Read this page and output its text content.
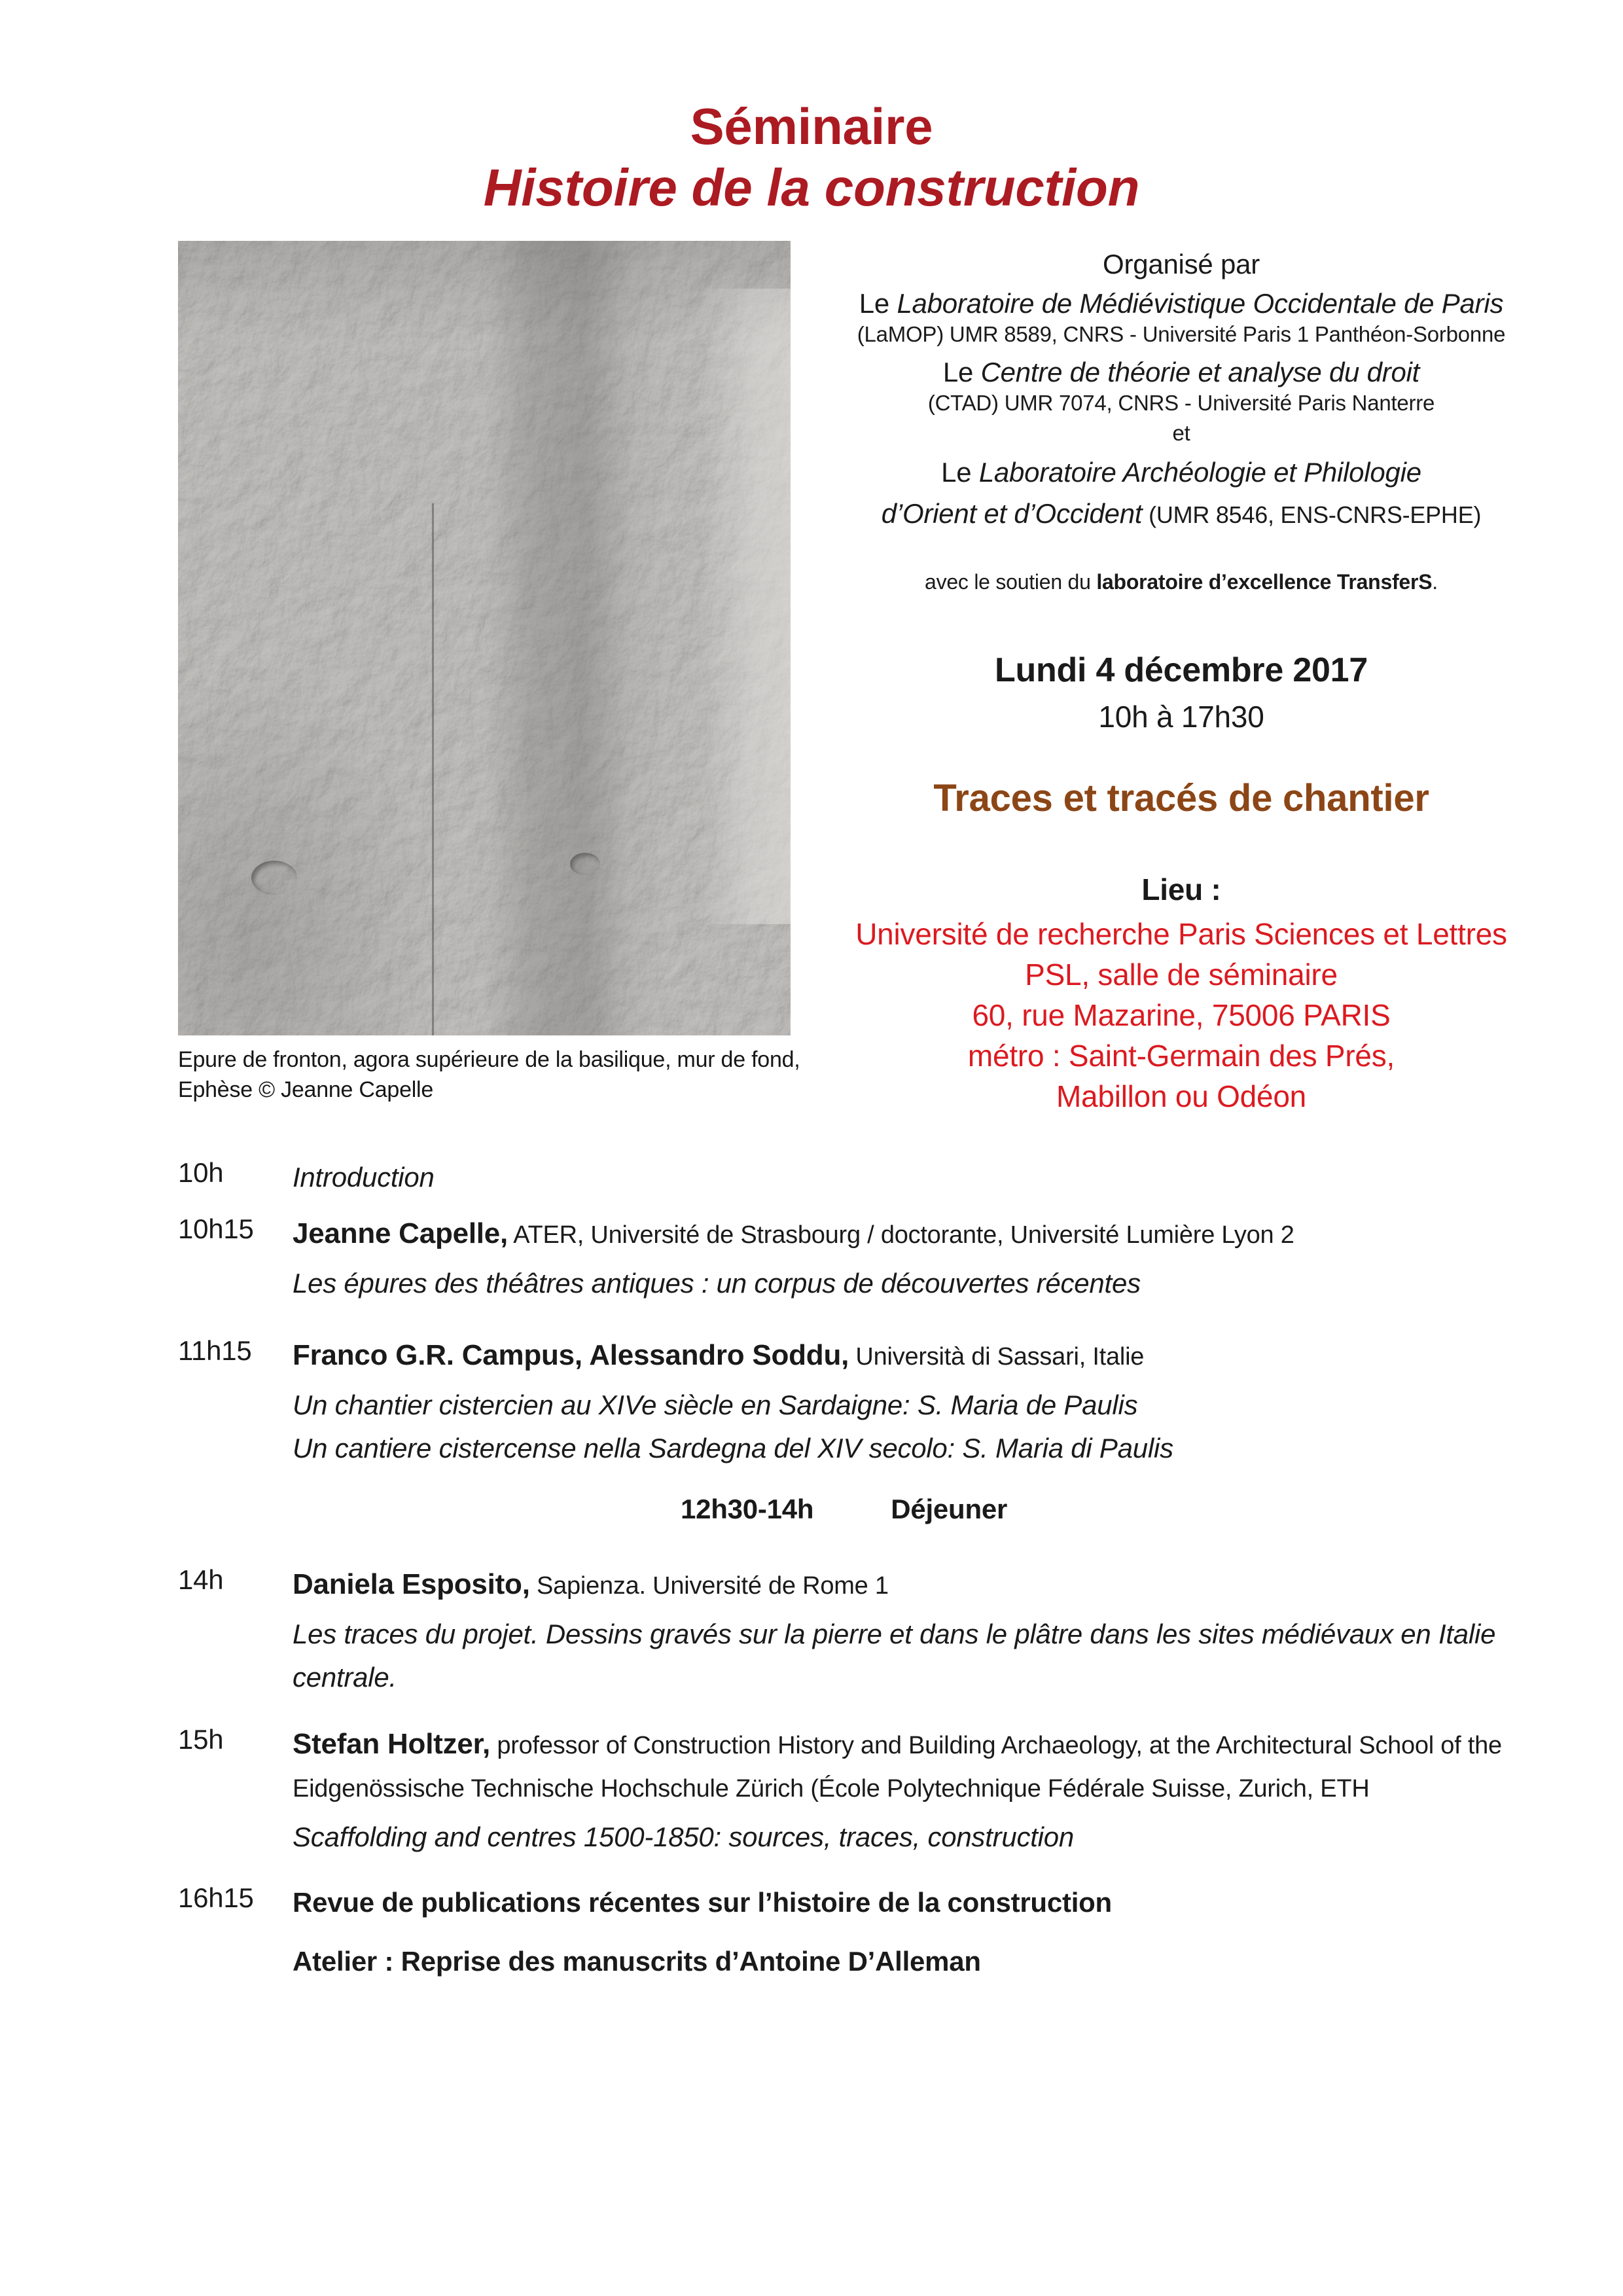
Séminaire
Histoire de la construction
Epure de fronton, agora supérieure de la basilique, mur de fond,
Ephèse © Jeanne Capelle
Organisé par
Le Laboratoire de Médiévistique Occidentale de Paris
(LaMOP) UMR 8589, CNRS - Université Paris 1 Panthéon-Sorbonne
Le Centre de théorie et analyse du droit
(CTAD) UMR 7074, CNRS - Université Paris Nanterre
et
Le Laboratoire Archéologie et Philologie
d’Orient et d’Occident (UMR 8546, ENS-CNRS-EPHE)
avec le soutien du laboratoire d’excellence TransferS.
Lundi 4 décembre 2017
10h à 17h30
Traces et tracés de chantier
Lieu :
Université de recherche Paris Sciences et Lettres
PSL, salle de séminaire
60, rue Mazarine, 75006 PARIS
métro : Saint-Germain des Prés,
Mabillon ou Odéon
10h	Introduction

10h15 Jeanne Capelle, ATER, Université de Strasbourg / doctorante, Université Lumière Lyon 2

Les épures des théâtres antiques : un corpus de découvertes récentes

11h15 Franco G.R. Campus, Alessandro Soddu, Università di Sassari, Italie

Un chantier cistercien au XIVe siècle en Sardaigne: S. Maria de Paulis

Un cantiere cistercense nella Sardegna del XIV secolo: S. Maria di Paulis

12h30-14h	Déjeuner
14h Daniela Esposito, Sapienza. Université de Rome 1

Les traces du projet. Dessins gravés sur la pierre et dans le plâtre dans les sites médiévaux en Italie centrale.

15h Stefan Holtzer, professor of Construction History and Building Archaeology, at the Architectural School of the Eidgenössische Technische Hochschule Zürich (École Polytechnique Fédérale Suisse, Zurich, ETH

Scaffolding and centres 1500-1850: sources, traces, construction

16h15 Revue de publications récentes sur l’histoire de la construction

Atelier : Reprise des manuscrits d’Antoine D’Alleman
